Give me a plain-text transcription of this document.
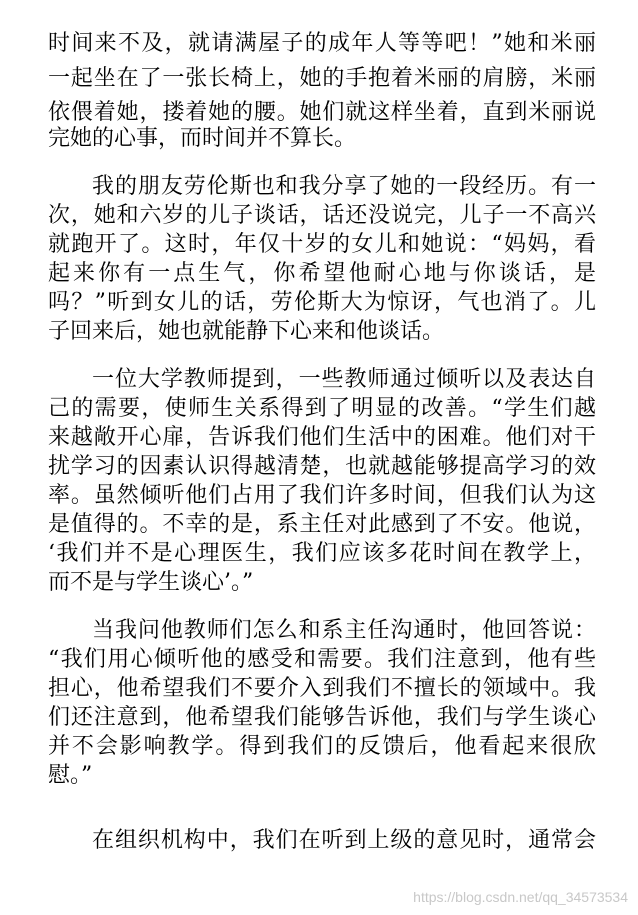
时间来不及，就请满屋子的成年人等等吧！”她和米丽
一起坐在了一张长椅上，她的手抱着米丽的肩膀，米丽
依偎着她，搂着她的腰。她们就这样坐着，直到米丽说
完她的心事，而时间并不算长。
我的朋友劳伦斯也和我分享了她的一段经历。有一
次，她和六岁的儿子谈话，话还没说完，儿子一不高兴
就跑开了。这时，年仅十岁的女儿和她说：“妈妈，看
起来你有一点生气，你希望他耐心地与你谈话，是
吗？”听到女儿的话，劳伦斯大为惊讶，气也消了。儿
子回来后，她也就能静下心来和他谈话。
一位大学教师提到，一些教师通过倾听以及表达自
己的需要，使师生关系得到了明显的改善。“学生们越
来越敞开心扉，告诉我们他们生活中的困难。他们对干
扰学习的因素认识得越清楚，也就越能够提高学习的效
率。虽然倾听他们占用了我们许多时间，但我们认为这
是值得的。不幸的是，系主任对此感到了不安。他说，
‘我们并不是心理医生，我们应该多花时间在教学上，
而不是与学生谈心’。”
当我问他教师们怎么和系主任沟通时，他回答说：
“我们用心倾听他的感受和需要。我们注意到，他有些
担心，他希望我们不要介入到我们不擅长的领域中。我
们还注意到，他希望我们能够告诉他，我们与学生谈心
并不会影响教学。得到我们的反馈后，他看起来很欣
慰。”
在组织机构中，我们在听到上级的意见时，通常会
https://blog.csdn.net/qq_34573534
